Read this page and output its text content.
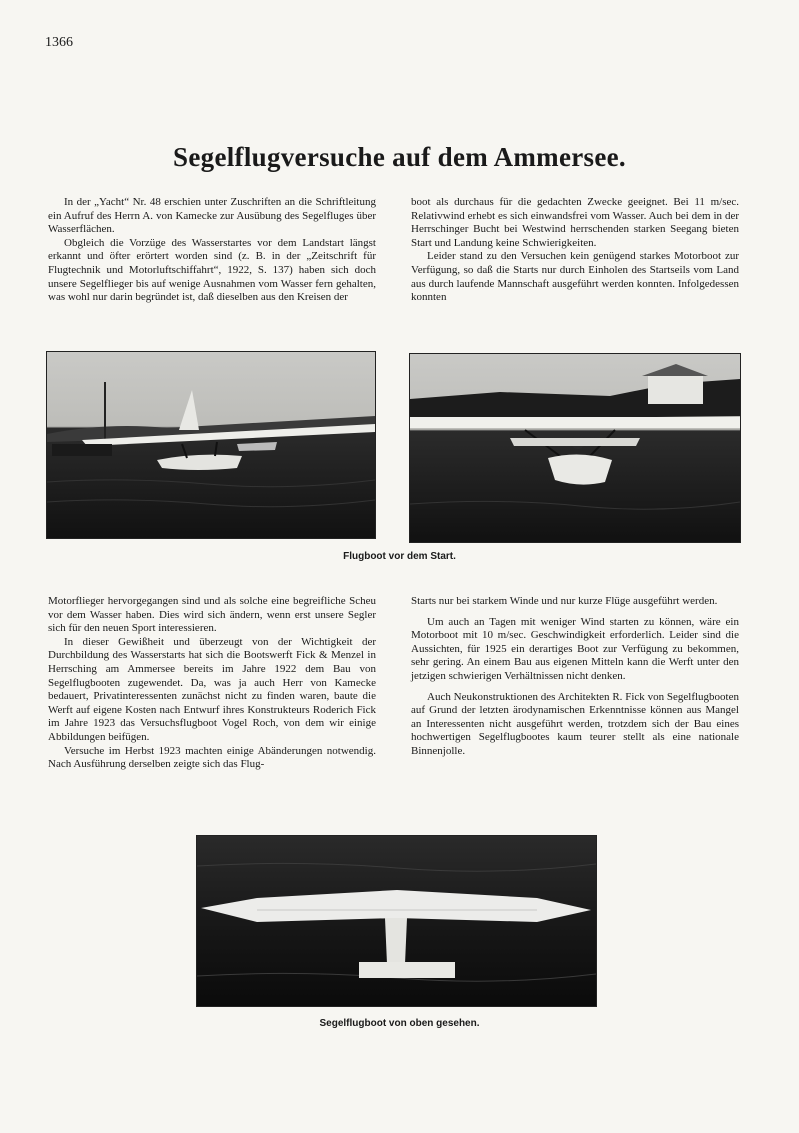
1366
Segelflugversuche auf dem Ammersee.

In der „Yacht“ Nr. 48 erschien unter Zuschriften an die Schriftleitung ein Aufruf des Herrn A. von Kamecke zur Ausübung des Segelfluges über Wasserflächen.

Obgleich die Vorzüge des Wasserstartes vor dem Landstart längst erkannt und öfter erörtert worden sind (z. B. in der „Zeitschrift für Flugtechnik und Motorluftschiffahrt“, 1922, S. 137) haben sich doch unsere Segelflieger bis auf wenige Ausnahmen vom Wasser fern gehalten, was wohl nur darin begründet ist, daß dieselben aus den Kreisen der

boot als durchaus für die gedachten Zwecke geeignet. Bei 11 m/sec. Relativwind erhebt es sich einwandsfrei vom Wasser. Auch bei dem in der Herrschinger Bucht bei Westwind herrschenden starken Seegang bieten Start und Landung keine Schwierigkeiten.

Leider stand zu den Versuchen kein genügend starkes Motorboot zur Verfügung, so daß die Starts nur durch Einholen des Startseils vom Land aus durch laufende Mannschaft ausgeführt werden konnten. Infolgedessen konnten

Flugboot vor dem Start.

Motorflieger hervorgegangen sind und als solche eine begreifliche Scheu vor dem Wasser haben. Dies wird sich ändern, wenn erst unsere Segler sich für den neuen Sport interessieren.

In dieser Gewißheit und überzeugt von der Wichtigkeit der Durchbildung des Wasserstarts hat sich die Bootswerft Fick & Menzel in Herrsching am Ammersee bereits im Jahre 1922 dem Bau von Segelflugbooten zugewendet. Da, was ja auch Herr von Kamecke bedauert, Privatinteressenten zunächst nicht zu finden waren, baute die Werft auf eigene Kosten nach Entwurf ihres Konstrukteurs Roderich Fick im Jahre 1923 das Versuchsflugboot Vogel Roch, von dem wir einige Abbildungen beifügen.

Versuche im Herbst 1923 machten einige Abänderungen notwendig. Nach Ausführung derselben zeigte sich das Flug-

Starts nur bei starkem Winde und nur kurze Flüge ausgeführt werden.

Um auch an Tagen mit weniger Wind starten zu können, wäre ein Motorboot mit 10 m/sec. Geschwindigkeit erforderlich. Leider sind die Aussichten, für 1925 ein derartiges Boot zur Verfügung zu bekommen, sehr gering. An einem Bau aus eigenen Mitteln kann die Werft unter den jetzigen schwierigen Verhältnissen nicht denken.

Auch Neukonstruktionen des Architekten R. Fick von Segelflugbooten auf Grund der letzten ärodynamischen Erkenntnisse können aus Mangel an Interessenten nicht ausgeführt werden, trotzdem sich der Bau eines hochwertigen Segelflugbootes kaum teurer stellt als eine nationale Binnenjolle.

Segelflugboot von oben gesehen.
